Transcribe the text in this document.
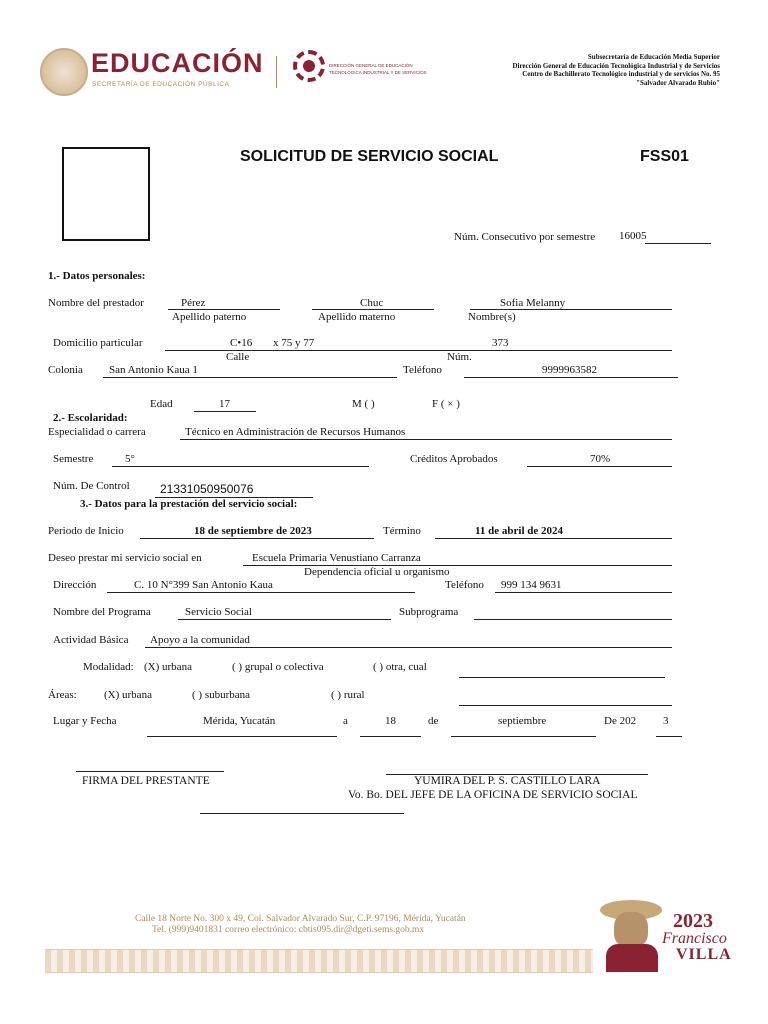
EDUCACIÓN
SECRETARÍA DE EDUCACIÓN PÚBLICA
DIRECCIÓN GENERAL DE EDUCACIÓN
TECNOLÓGICA INDUSTRIAL Y DE SERVICIOS
Subsecretaría de Educación Media Superior
Dirección General de Educación Tecnológica Industrial y de Servicios
Centro de Bachillerato Tecnológico industrial y de servicios No. 95
"Salvador Alvarado Rubio"
SOLICITUD DE SERVICIO SOCIAL	FSS01
Núm. Consecutivo por semestre 16005
1.- Datos personales:
Nombre del prestador	Pérez	Chuc	Sofia Melanny
Apellido paterno	Apellido materno	Nombre(s)
Domicilio particular	C•16 x 75 y 77	373
Calle	Núm.
Colonia San Antonio Kaua 1	Teléfono	9999963582
Edad	17	M ( )	F ( × )
2.- Escolaridad:
Especialidad o carrera	Técnico en Administración de Recursos Humanos
Semestre	5°	Créditos Aprobados	70%
Núm. De Control	21331050950076
3.- Datos para la prestación del servicio social:
Periodo de Inicio	18 de septiembre de 2023	Término	11 de abril de 2024
Deseo prestar mi servicio social en	Escuela Primaria Venustiano Carranza
Dependencia oficial u organismo
Dirección	C. 10 N°399 San Antonio Kaua	Teléfono 999 134 9631
Nombre del Programa	Servicio Social	Subprograma
Actividad Básica Apoyo a la comunidad
Modalidad: (X) urbana	( ) grupal o colectiva	( ) otra, cual
Áreas: (X) urbana	( ) suburbana	( ) rural
Lugar y Fecha	Mérida, Yucatán	a	18	de	septiembre	De 202 3
FIRMA DEL PRESTANTE	YUMIRA DEL P. S. CASTILLO LARA
Vo. Bo. DEL JEFE DE LA OFICINA DE SERVICIO SOCIAL
Calle 18 Norte No. 300 x 49, Col. Salvador Alvarado Sur, C.P. 97196, Mérida, Yucatán
Tel. (999)9401831 correo electrónico: cbtis095.dir@dgeti.sems.gob.mx	2023
Francisco
VILLA
